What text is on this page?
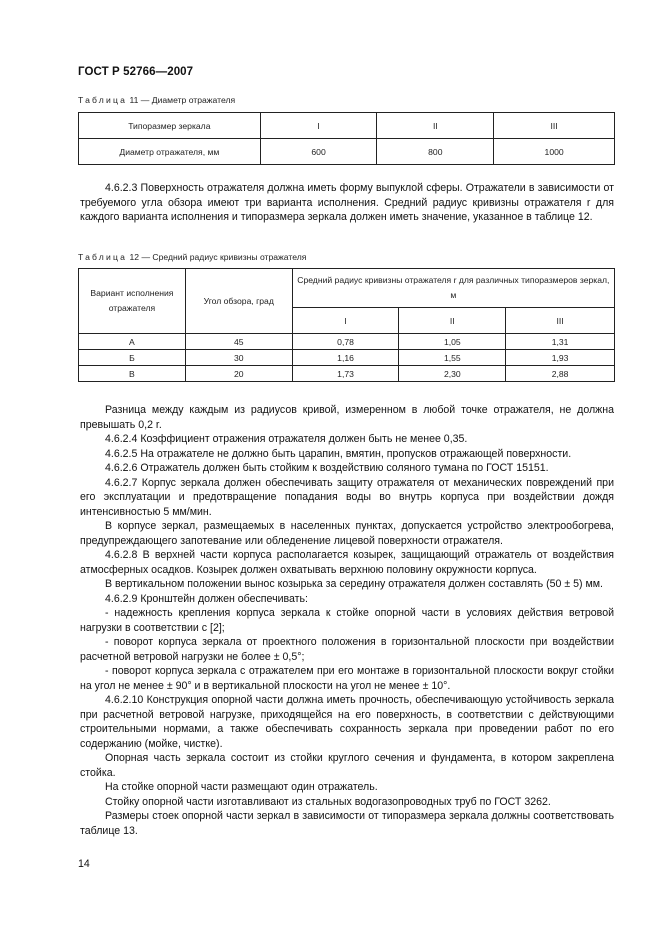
ГОСТ Р 52766—2007
Таблица 11 — Диаметр отражателя
Типоразмер зеркала	I	II	III
Диаметр отражателя, мм	600	800	1000

4.6.2.3 Поверхность отражателя должна иметь форму выпуклой сферы. Отражатели в зависимости от требуемого угла обзора имеют три варианта исполнения. Средний радиус кривизны отражателя r для каждого варианта исполнения и типоразмера зеркала должен иметь значение, указанное в таблице 12.

Таблица 12 — Средний радиус кривизны отражателя
Вариант исполнения отражателя	Угол обзора, град	Средний радиус кривизны отражателя r для различных типоразмеров зеркал, м		
		I	II	III
А	45	0,78	1,05	1,31
Б	30	1,16	1,55	1,93
В	20	1,73	2,30	2,88

Разница между каждым из радиусов кривой, измеренном в любой точке отражателя, не должна превышать 0,2 r.

4.6.2.4 Коэффициент отражения отражателя должен быть не менее 0,35.

4.6.2.5 На отражателе не должно быть царапин, вмятин, пропусков отражающей поверхности.

4.6.2.6 Отражатель должен быть стойким к воздействию соляного тумана по ГОСТ 15151.

4.6.2.7 Корпус зеркала должен обеспечивать защиту отражателя от механических повреждений при его эксплуатации и предотвращение попадания воды во внутрь корпуса при воздействии дождя интенсивностью 5 мм/мин.

В корпусе зеркал, размещаемых в населенных пунктах, допускается устройство электрообогрева, предупреждающего запотевание или обледенение лицевой поверхности отражателя.

4.6.2.8 В верхней части корпуса располагается козырек, защищающий отражатель от воздействия атмосферных осадков. Козырек должен охватывать верхнюю половину окружности корпуса.

В вертикальном положении вынос козырька за середину отражателя должен составлять (50 ± 5) мм.

4.6.2.9 Кронштейн должен обеспечивать:

- надежность крепления корпуса зеркала к стойке опорной части в условиях действия ветровой нагрузки в соответствии с [2];

- поворот корпуса зеркала от проектного положения в горизонтальной плоскости при воздействии расчетной ветровой нагрузки не более ± 0,5°;

- поворот корпуса зеркала с отражателем при его монтаже в горизонтальной плоскости вокруг стойки на угол не менее ± 90° и в вертикальной плоскости на угол не менее ± 10°.

4.6.2.10 Конструкция опорной части должна иметь прочность, обеспечивающую устойчивость зеркала при расчетной ветровой нагрузке, приходящейся на его поверхность, в соответствии с действующими строительными нормами, а также обеспечивать сохранность зеркала при проведении работ по его содержанию (мойке, чистке).

Опорная часть зеркала состоит из стойки круглого сечения и фундамента, в котором закреплена стойка.

На стойке опорной части размещают один отражатель.

Стойку опорной части изготавливают из стальных водогазопроводных труб по ГОСТ 3262.

Размеры стоек опорной части зеркал в зависимости от типоразмера зеркала должны соответствовать таблице 13.

14
